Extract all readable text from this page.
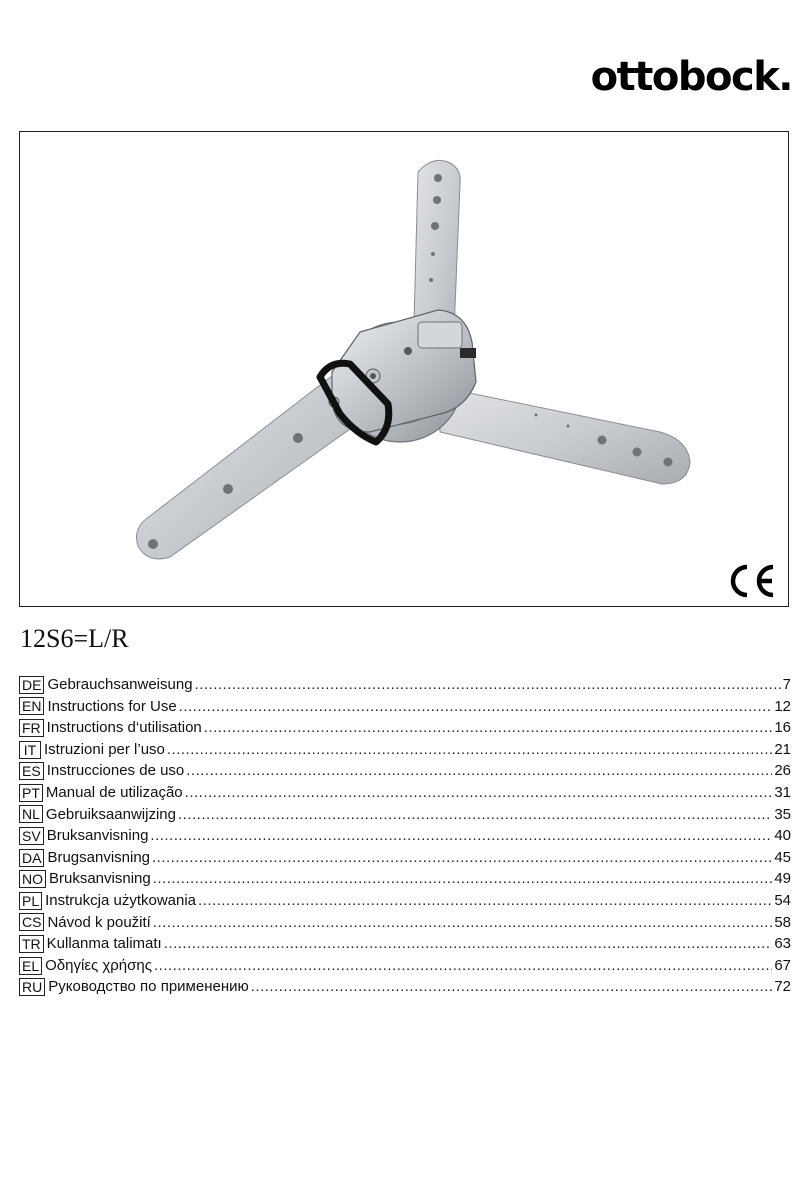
ottobock.
12S6=L/R
DE Gebrauchsanweisung .....	7
EN Instructions for Use .....	12
FR Instructions d‘utilisation .....	16
IT Istruzioni per l’uso .....	21
ES Instrucciones de uso .....	26
PT Manual de utilização .....	31
NL Gebruiksaanwijzing .....	35
SV Bruksanvisning .....	40
DA Brugsanvisning .....	45
NO Bruksanvisning .....	49
PL Instrukcja użytkowania .....	54
CS Návod k použití .....	58
TR Kullanma talimatı .....	63
EL Οδηγίες χρήσης .....	67
RU Руководство по применению .....	72
